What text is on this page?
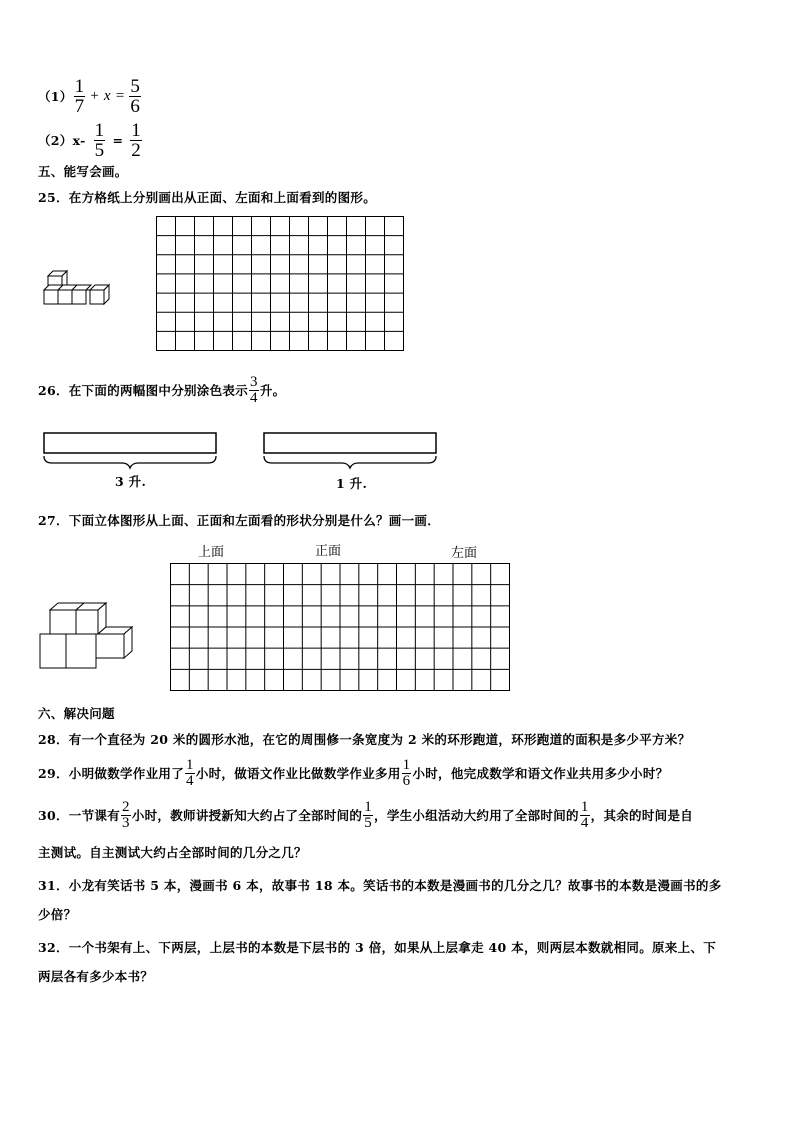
$(1) \frac{1}{7} + x = \frac{5}{6}$
$(2)x- \frac{1}{5} = \frac{1}{2}$
五、能写会画。
25．在方格纸上分别画出从正面、左面和上面看到的图形。
26．在下面的两幅图中分别涂色表示 $\frac{3}{4}$ 升。
3 升.	1 升.
27．下面立体图形从上面、正面和左面看的形状分别是什么？画一画．
上面	正面	左面
六、解决问题
28．有一个直径为 20 米的圆形水池，在它的周围修一条宽度为 2 米的环形跑道，环形跑道的面积是多少平方米？
29．小明做数学作业用了 $\frac{1}{4}$ 小时，做语文作业比做数学作业多用 $\frac{1}{6}$ 小时，他完成数学和语文作业共用多少小时？
30．一节课有 $\frac{2}{3}$ 小时，教师讲授新知大约占了全部时间的 $\frac{1}{5}$ ，学生小组活动大约用了全部时间的 $\frac{1}{4}$ ，其余的时间是自
主测试。自主测试大约占全部时间的几分之几？
31．小龙有笑话书 5 本，漫画书 6 本，故事书 18 本。笑话书的本数是漫画书的几分之几？故事书的本数是漫画书的多
少倍？
32．一个书架有上、下两层，上层书的本数是下层书的 3 倍，如果从上层拿走 40 本，则两层本数就相同。原来上、下
两层各有多少本书？
